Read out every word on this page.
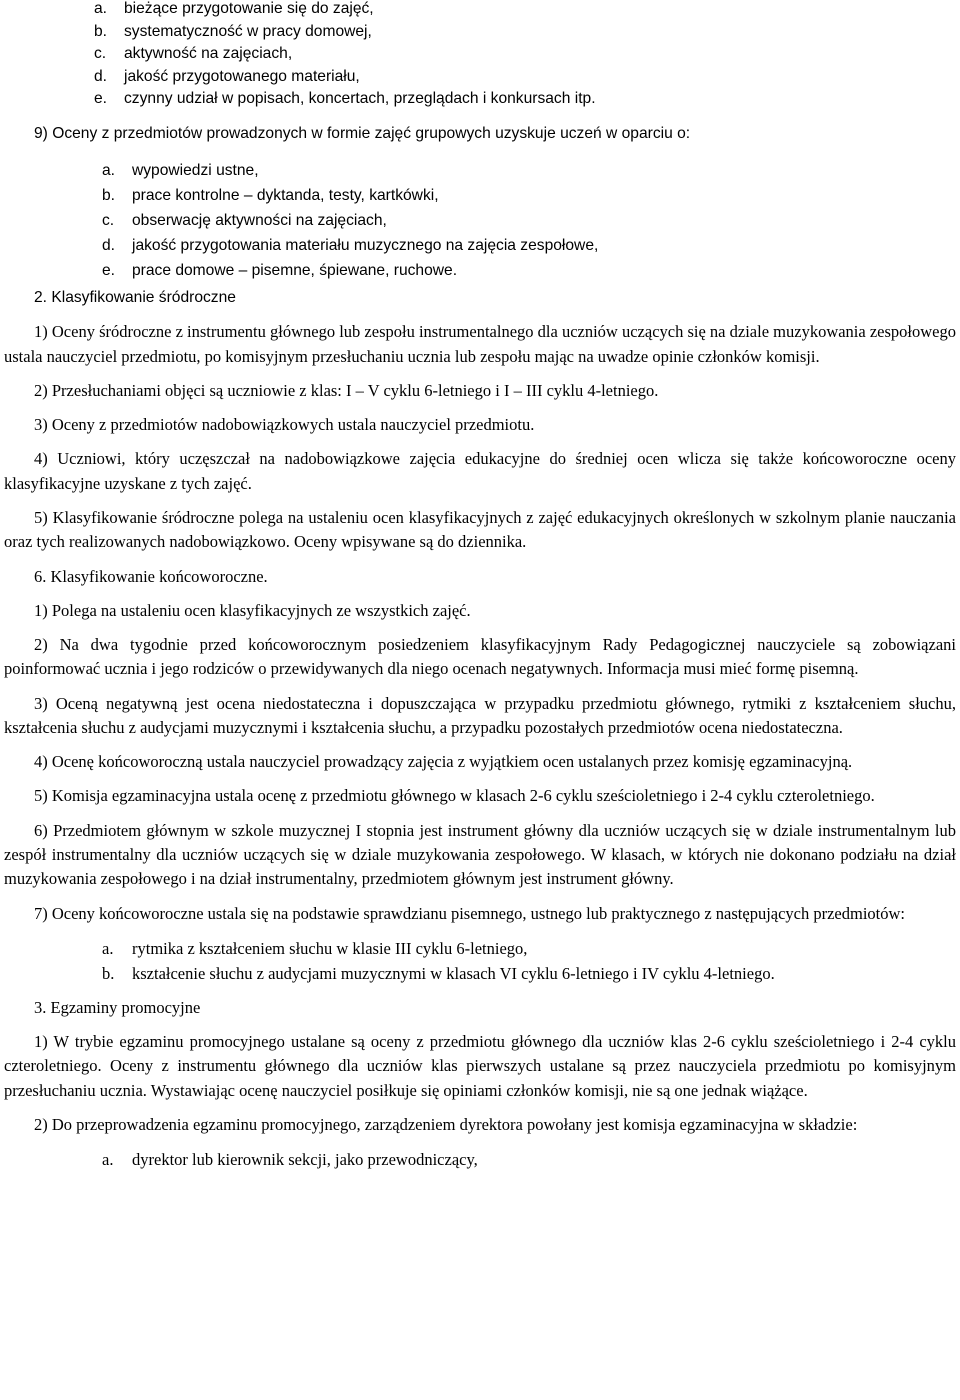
a. bieżące przygotowanie się do zajęć,
b. systematyczność w pracy domowej,
c. aktywność na zajęciach,
d. jakość przygotowanego materiału,
e. czynny udział w popisach, koncertach, przeglądach i konkursach itp.

9) Oceny z przedmiotów prowadzonych w formie zajęć grupowych uzyskuje uczeń w oparciu o:

a. wypowiedzi ustne,
b. prace kontrolne – dyktanda, testy, kartkówki,
c. obserwację aktywności na zajęciach,
d. jakość przygotowania materiału muzycznego na zajęcia zespołowe,
e. prace domowe – pisemne, śpiewane, ruchowe.

2. Klasyfikowanie śródroczne

1) Oceny śródroczne z instrumentu głównego lub zespołu instrumentalnego dla uczniów uczących się na dziale muzykowania zespołowego ustala nauczyciel przedmiotu, po komisyjnym przesłuchaniu ucznia lub zespołu mając na uwadze opinie członków komisji.

2) Przesłuchaniami objęci są uczniowie z klas: I – V cyklu 6-letniego i I – III cyklu 4-letniego.

3) Oceny z przedmiotów nadobowiązkowych ustala nauczyciel przedmiotu.

4) Uczniowi, który uczęszczał na nadobowiązkowe zajęcia edukacyjne do średniej ocen wlicza się także końcoworoczne oceny klasyfikacyjne uzyskane z tych zajęć.

5) Klasyfikowanie śródroczne polega na ustaleniu ocen klasyfikacyjnych z zajęć edukacyjnych określonych w szkolnym planie nauczania oraz tych realizowanych nadobowiązkowo. Oceny wpisywane są do dziennika.

6. Klasyfikowanie końcoworoczne.

1) Polega na ustaleniu ocen klasyfikacyjnych ze wszystkich zajęć.

2) Na dwa tygodnie przed końcoworocznym posiedzeniem klasyfikacyjnym Rady Pedagogicznej nauczyciele są zobowiązani poinformować ucznia i jego rodziców o przewidywanych dla niego ocenach negatywnych. Informacja musi mieć formę pisemną.

3) Oceną negatywną jest ocena niedostateczna i dopuszczająca w przypadku przedmiotu głównego, rytmiki z kształceniem słuchu, kształcenia słuchu z audycjami muzycznymi i kształcenia słuchu, a przypadku pozostałych przedmiotów ocena niedostateczna.

4) Ocenę końcoworoczną ustala nauczyciel prowadzący zajęcia z wyjątkiem ocen ustalanych przez komisję egzaminacyjną.

5) Komisja egzaminacyjna ustala ocenę z przedmiotu głównego w klasach 2-6 cyklu sześcioletniego i 2-4 cyklu czteroletniego.

6) Przedmiotem głównym w szkole muzycznej I stopnia jest instrument główny dla uczniów uczących się w dziale instrumentalnym lub zespół instrumentalny dla uczniów uczących się w dziale muzykowania zespołowego. W klasach, w których nie dokonano podziału na dział muzykowania zespołowego i na dział instrumentalny, przedmiotem głównym jest instrument główny.

7) Oceny końcoworoczne ustala się na podstawie sprawdzianu pisemnego, ustnego lub praktycznego z następujących przedmiotów:

a. rytmika z kształceniem słuchu w klasie III cyklu 6-letniego,
b. kształcenie słuchu z audycjami muzycznymi w klasach VI cyklu 6-letniego i IV cyklu 4-letniego.

3. Egzaminy promocyjne

1) W trybie egzaminu promocyjnego ustalane są oceny z przedmiotu głównego dla uczniów klas 2-6 cyklu sześcioletniego i 2-4 cyklu czteroletniego. Oceny z instrumentu głównego dla uczniów klas pierwszych ustalane są przez nauczyciela przedmiotu po komisyjnym przesłuchaniu ucznia. Wystawiając ocenę nauczyciel posiłkuje się opiniami członków komisji, nie są one jednak wiążące.

2) Do przeprowadzenia egzaminu promocyjnego, zarządzeniem dyrektora powołany jest komisja egzaminacyjna w składzie:

a. dyrektor lub kierownik sekcji, jako przewodniczący,
